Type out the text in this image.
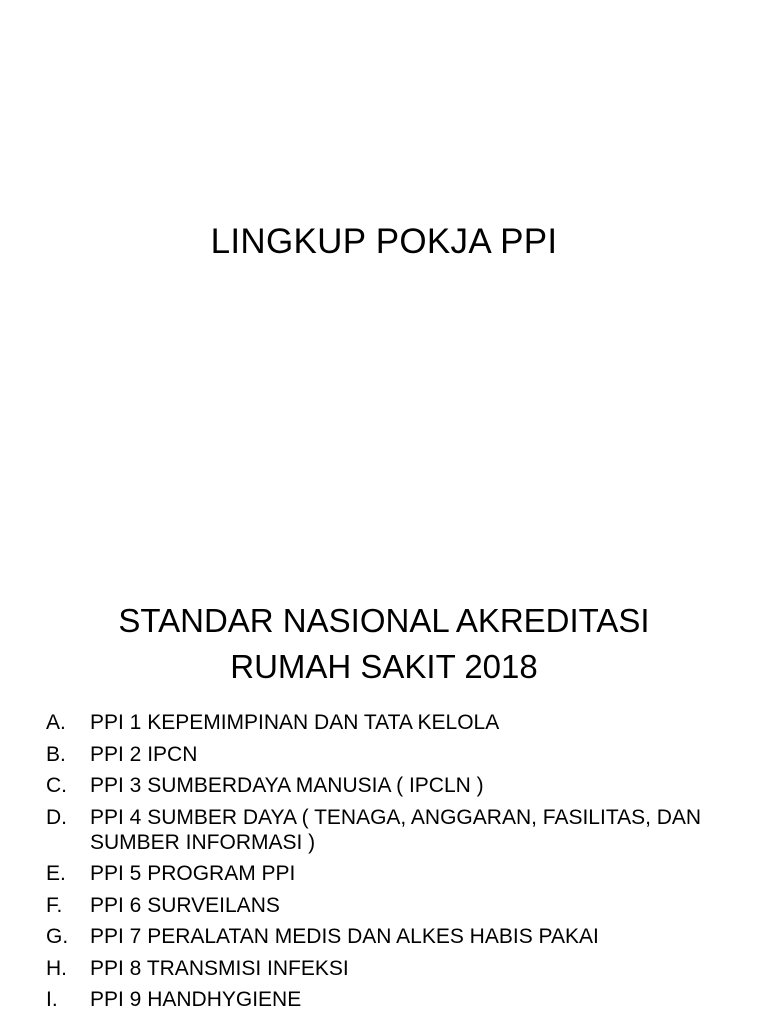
LINGKUP POKJA PPI
STANDAR NASIONAL AKREDITASI
RUMAH SAKIT 2018
A.	PPI 1 KEPEMIMPINAN DAN TATA KELOLA
B.	PPI 2 IPCN
C.	PPI 3 SUMBERDAYA MANUSIA ( IPCLN )
D.	PPI 4 SUMBER DAYA ( TENAGA, ANGGARAN, FASILITAS, DAN SUMBER INFORMASI )
E.	PPI 5 PROGRAM PPI
F.	PPI 6 SURVEILANS
G.	PPI 7 PERALATAN MEDIS DAN ALKES HABIS PAKAI
H.	PPI 8 TRANSMISI INFEKSI
I.	PPI 9 HANDHYGIENE
